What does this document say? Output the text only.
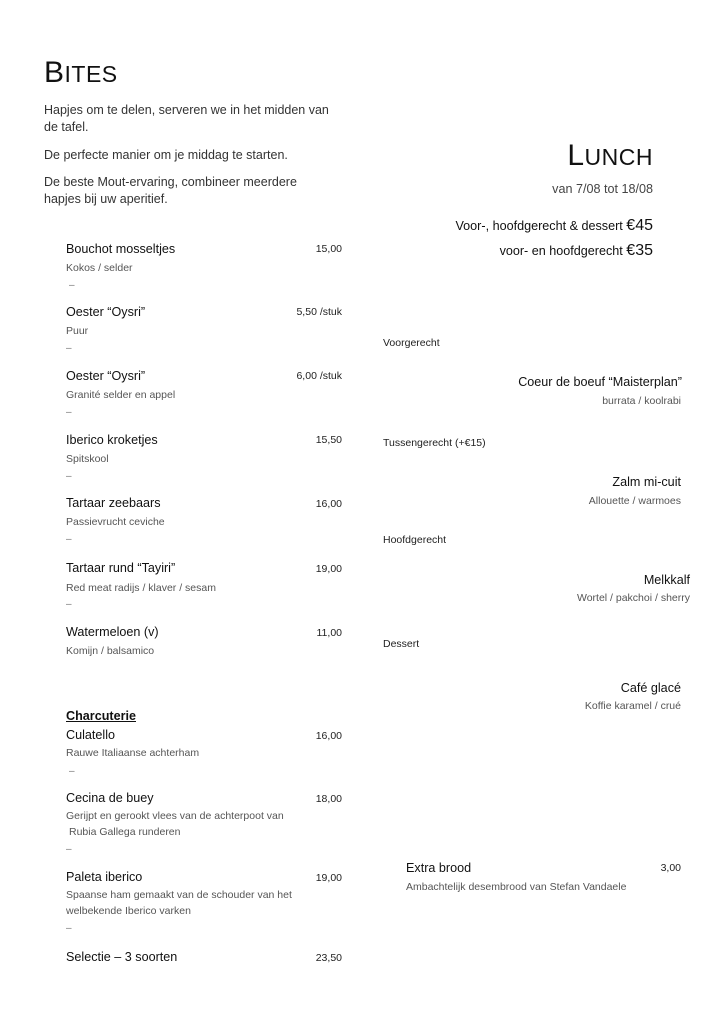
BITES
Hapjes om te delen, serveren we in het midden van de tafel.
De perfecte manier om je middag te starten.
De beste Mout-ervaring, combineer meerdere hapjes bij uw aperitief.
Bouchot mosseltjes	15,00
Kokos / selder
–
Oester “Oysri”	5,50 /stuk
Puur
–
Oester “Oysri”	6,00 /stuk
Granité selder en appel
–
Iberico kroketjes	15,50
Spitskool
–
Tartaar zeebaars	16,00
Passievrucht ceviche
–
Tartaar rund “Tayiri”	19,00
Red meat radijs / klaver / sesam
–
Watermeloen (v)	11,00
Komijn / balsamico
Charcuterie
Culatello	16,00
Rauwe Italiaanse achterham
–
Cecina de buey	18,00
Gerijpt en gerookt vlees van de achterpoot van
Rubia Gallega runderen
–
Paleta iberico	19,00
Spaanse ham gemaakt van de schouder van het
welbekende Iberico varken
–
Selectie – 3 soorten	23,50
LUNCH
van 7/08 tot 18/08
Voor-, hoofdgerecht & dessert €45
voor- en hoofdgerecht €35
Voorgerecht
Coeur de boeuf “Maisterplan”
burrata / koolrabi
Tussengerecht (+€15)
Zalm mi-cuit
Allouette / warmoes
Hoofdgerecht
Melkkalf
Wortel / pakchoi / sherry
Dessert
Café glacé
Koffie karamel / crué
Extra brood	3,00
Ambachtelijk desembrood van Stefan Vandaele
